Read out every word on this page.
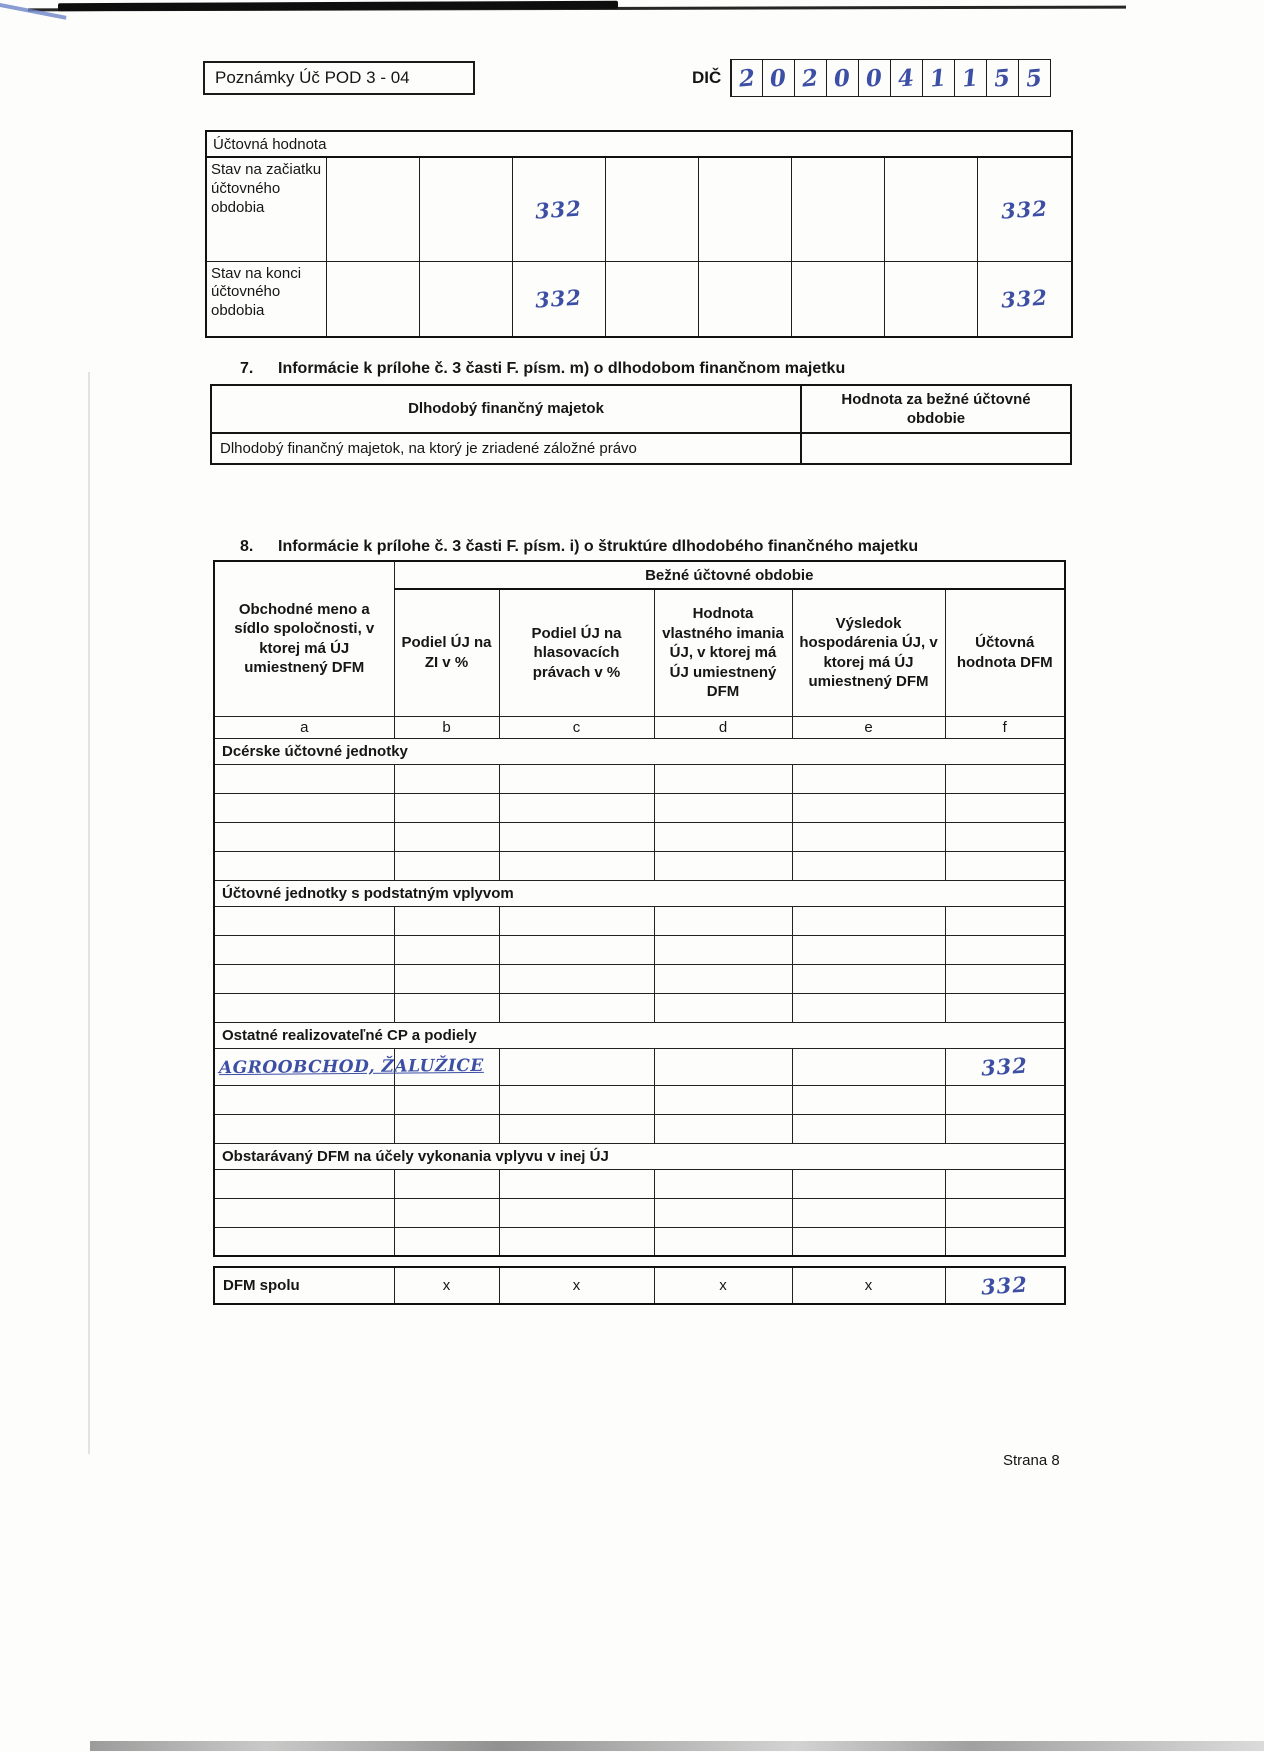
Poznámky Úč POD 3 - 04	DIČ 2 0 2 0 0 4 1 1 5 5
Účtovná hodnota								
Stav na začiatku účtovného obdobia			332					332
Stav na konci účtovného obdobia			332					332
7. Informácie k prílohe č. 3 časti F. písm. m) o dlhodobom finančnom majetku
Dlhodobý finančný majetok	Hodnota za bežné účtovné obdobie
Dlhodobý finančný majetok, na ktorý je zriadené záložné právo	
8. Informácie k prílohe č. 3 časti F. písm. i) o štruktúre dlhodobého finančného majetku
Obchodné meno a sídlo spoločnosti, v ktorej má ÚJ umiestnený DFM	Bežné účtovné obdobie				
	Podiel ÚJ na ZI v %	Podiel ÚJ na hlasovacích právach v %	Hodnota vlastného imania ÚJ, v ktorej má ÚJ umiestnený DFM	Výsledok hospodárenia ÚJ, v ktorej má ÚJ umiestnený DFM	Účtovná hodnota DFM
a	b	c	d	e	f
Dcérske účtovné jednotky					

Účtovné jednotky s podstatným vplyvom					

Ostatné realizovateľné CP a podiely					
AGROOBCHOD, ŽALUŽICE					332

Obstarávaný DFM na účely vykonania vplyvu v inej ÚJ					

DFM spolu	x	x	x	x	332
Strana 8
